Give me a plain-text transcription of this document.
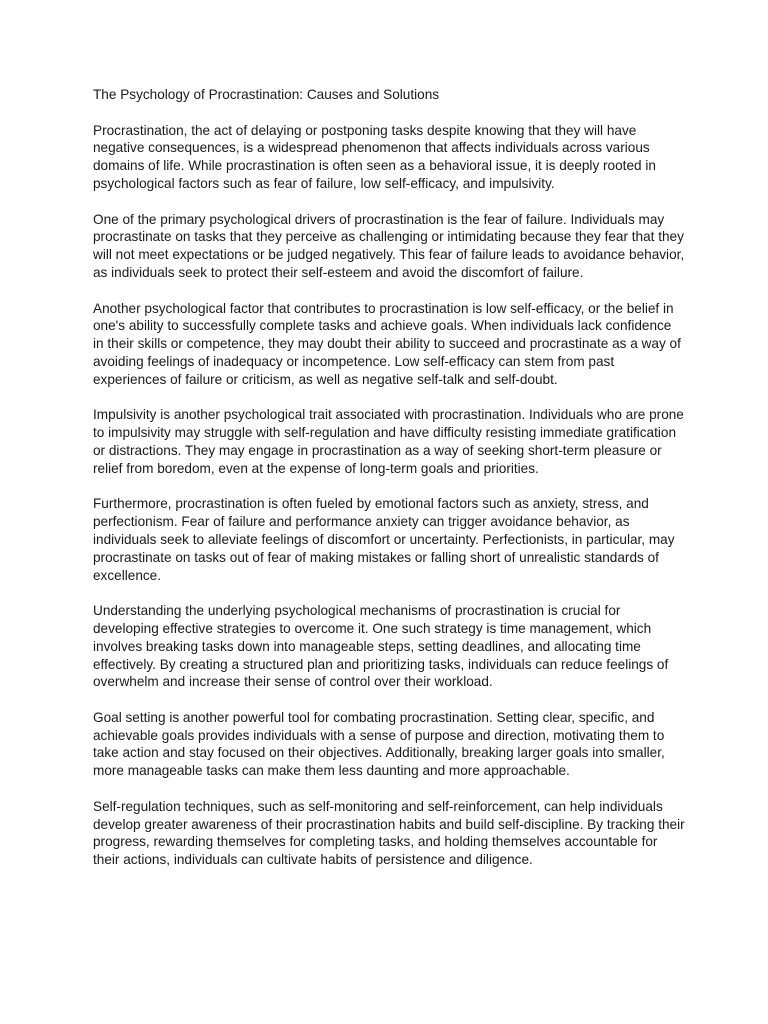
The Psychology of Procrastination: Causes and Solutions

Procrastination, the act of delaying or postponing tasks despite knowing that they will have negative consequences, is a widespread phenomenon that affects individuals across various domains of life. While procrastination is often seen as a behavioral issue, it is deeply rooted in psychological factors such as fear of failure, low self-efficacy, and impulsivity.

One of the primary psychological drivers of procrastination is the fear of failure. Individuals may procrastinate on tasks that they perceive as challenging or intimidating because they fear that they will not meet expectations or be judged negatively. This fear of failure leads to avoidance behavior, as individuals seek to protect their self-esteem and avoid the discomfort of failure.

Another psychological factor that contributes to procrastination is low self-efficacy, or the belief in one's ability to successfully complete tasks and achieve goals. When individuals lack confidence in their skills or competence, they may doubt their ability to succeed and procrastinate as a way of avoiding feelings of inadequacy or incompetence. Low self-efficacy can stem from past experiences of failure or criticism, as well as negative self-talk and self-doubt.

Impulsivity is another psychological trait associated with procrastination. Individuals who are prone to impulsivity may struggle with self-regulation and have difficulty resisting immediate gratification or distractions. They may engage in procrastination as a way of seeking short-term pleasure or relief from boredom, even at the expense of long-term goals and priorities.

Furthermore, procrastination is often fueled by emotional factors such as anxiety, stress, and perfectionism. Fear of failure and performance anxiety can trigger avoidance behavior, as individuals seek to alleviate feelings of discomfort or uncertainty. Perfectionists, in particular, may procrastinate on tasks out of fear of making mistakes or falling short of unrealistic standards of excellence.

Understanding the underlying psychological mechanisms of procrastination is crucial for developing effective strategies to overcome it. One such strategy is time management, which involves breaking tasks down into manageable steps, setting deadlines, and allocating time effectively. By creating a structured plan and prioritizing tasks, individuals can reduce feelings of overwhelm and increase their sense of control over their workload.

Goal setting is another powerful tool for combating procrastination. Setting clear, specific, and achievable goals provides individuals with a sense of purpose and direction, motivating them to take action and stay focused on their objectives. Additionally, breaking larger goals into smaller, more manageable tasks can make them less daunting and more approachable.

Self-regulation techniques, such as self-monitoring and self-reinforcement, can help individuals develop greater awareness of their procrastination habits and build self-discipline. By tracking their progress, rewarding themselves for completing tasks, and holding themselves accountable for their actions, individuals can cultivate habits of persistence and diligence.
